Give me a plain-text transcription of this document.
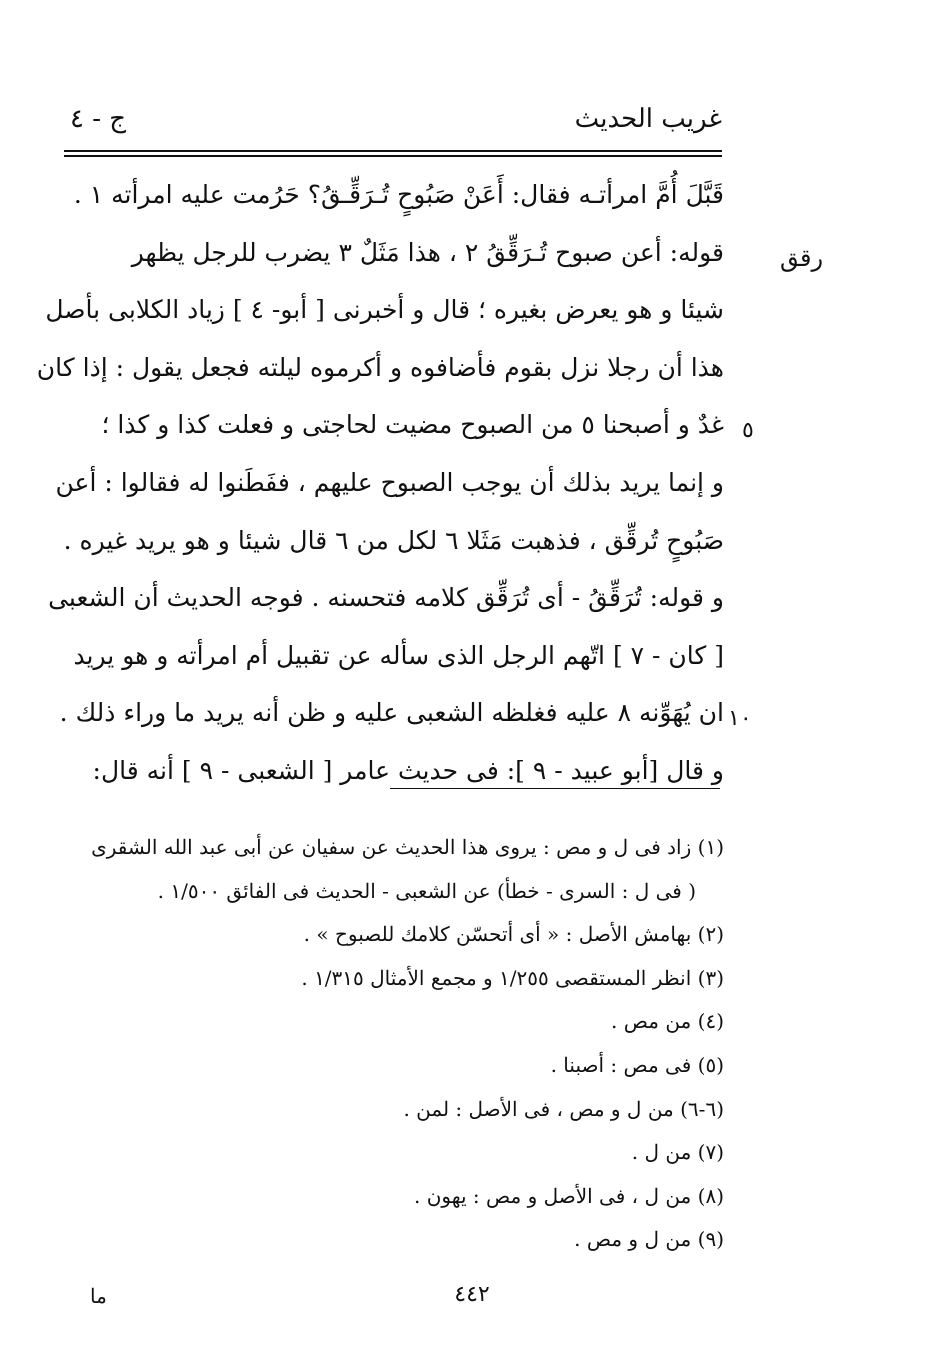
غريب الحديث
ج - ٤
رقق
٥
١٠
قَبَّلَ أُمَّ امرأتـه فقال: أَعَنْ صَبُوحٍ تُـرَقِّـقُ؟ حَرُمت عليه امرأته ١ .
قوله: أعن صبوح تُـرَقِّقُ ٢ ، هذا مَثَلٌ ٣ يضرب للرجل يظهر
شيئا و هو يعرض بغيره ؛ قال و أخبرنى [ أبو- ٤ ] زياد الكلابى بأصل
هذا أن رجلا نزل بقوم فأضافوه و أكرموه ليلته فجعل يقول : إذا كان
غدٌ و أصبحنا ٥ من الصبوح مضيت لحاجتى و فعلت كذا و كذا ؛
و إنما يريد بذلك أن يوجب الصبوح عليهم ، ففَطَنوا له فقالوا : أعن
صَبُوحٍ تُرقِّق ، فذهبت مَثَلا ٦ لكل من ٦ قال شيئا و هو يريد غيره .
و قوله: تُرَقِّقُ - أى تُرَقِّق كلامه فتحسنه . فوجه الحديث أن الشعبى
[ كان - ٧ ] اتّهم الرجل الذى سأله عن تقبيل أم امرأته و هو يريد
ان يُهَوِّنه ٨ عليه فغلظه الشعبى عليه و ظن أنه يريد ما وراء ذلك .
و قال [أبو عبيد - ٩ ]: فى حديث عامر [ الشعبى - ٩ ] أنه قال:
(١) زاد فى ل و مص : يروى هذا الحديث عن سفيان عن أبى عبد الله الشقرى
( فى ل : السرى - خطأ) عن الشعبى - الحديث فى الفائق ١/٥٠٠ .
(٢) بهامش الأصل : « أى أتحسّن كلامك للصبوح » .
(٣) انظر المستقصى ١/٢٥٥ و مجمع الأمثال ١/٣١٥ .
(٤) من مص .
(٥) فى مص : أصبنا .
(٦-٦) من ل و مص ، فى الأصل : لمن .
(٧) من ل .
(٨) من ل ، فى الأصل و مص : يهون .
(٩) من ل و مص .
٤٤٢
ما
